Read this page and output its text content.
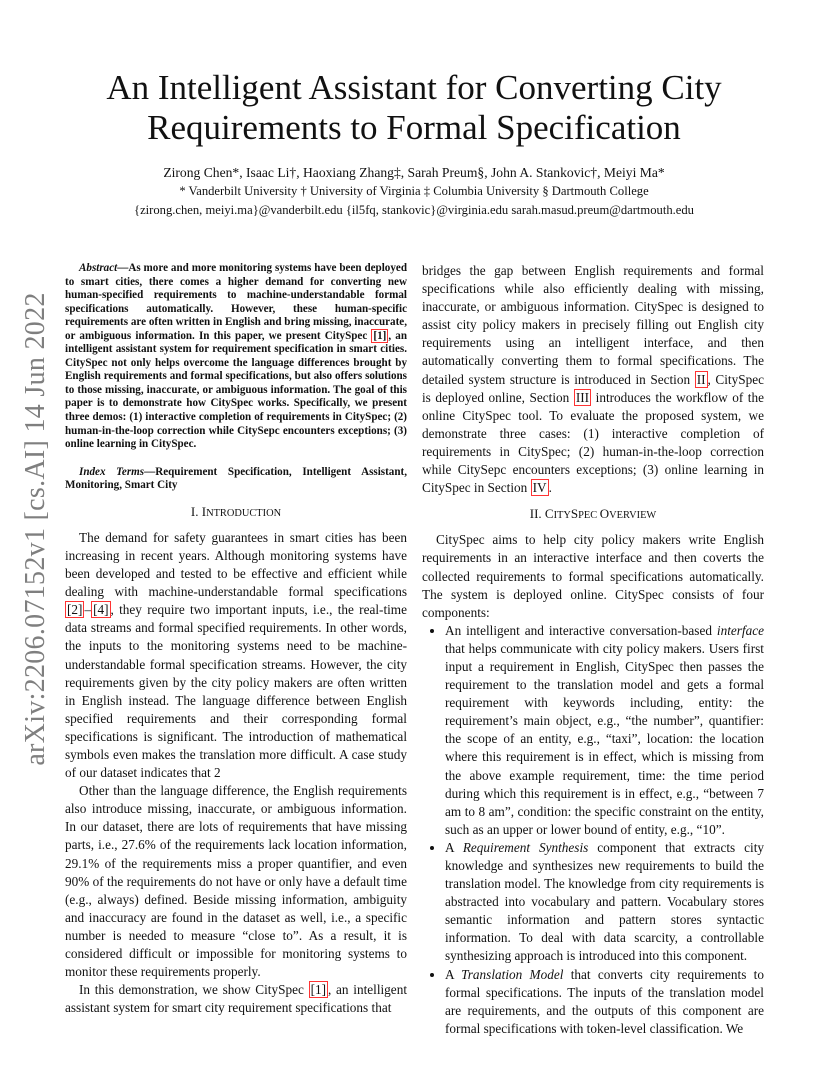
arXiv:2206.07152v1 [cs.AI] 14 Jun 2022
An Intelligent Assistant for Converting City
Requirements to Formal Specification
Zirong Chen*, Isaac Li†, Haoxiang Zhang‡, Sarah Preum§, John A. Stankovic†, Meiyi Ma*
* Vanderbilt University † University of Virginia ‡ Columbia University § Dartmouth College
{zirong.chen, meiyi.ma}@vanderbilt.edu {il5fq, stankovic}@virginia.edu sarah.masud.preum@dartmouth.edu

Abstract—As more and more monitoring systems have been deployed to smart cities, there comes a higher demand for converting new human-specified requirements to machine-understandable formal specifications automatically. However, these human-specific requirements are often written in English and bring missing, inaccurate, or ambiguous information. In this paper, we present CitySpec [1] , an intelligent assistant system for requirement specification in smart cities. CitySpec not only helps overcome the language differences brought by English requirements and formal specifications, but also offers solutions to those missing, inaccurate, or ambiguous information. The goal of this paper is to demonstrate how CitySpec works. Specifically, we present three demos: (1) interactive completion of requirements in CitySpec; (2) human-in-the-loop correction while CitySepc encounters exceptions; (3) online learning in CitySpec.

Index Terms—Requirement Specification, Intelligent Assistant, Monitoring, Smart City

I. INTRODUCTION

The demand for safety guarantees in smart cities has been increasing in recent years. Although monitoring systems have been developed and tested to be effective and efficient while dealing with machine-understandable formal specifications [2] – [4] , they require two important inputs, i.e., the real-time data streams and formal specified requirements. In other words, the inputs to the monitoring systems need to be machine-understandable formal specification streams. However, the city requirements given by the city policy makers are often written in English instead. The language difference between English specified requirements and their corresponding formal specifications is significant. The introduction of mathematical symbols even makes the translation more difficult. A case study of our dataset indicates that 2

Other than the language difference, the English requirements also introduce missing, inaccurate, or ambiguous information. In our dataset, there are lots of requirements that have missing parts, i.e., 27.6% of the requirements lack location information, 29.1% of the requirements miss a proper quantifier, and even 90% of the requirements do not have or only have a default time (e.g., always) defined. Beside missing information, ambiguity and inaccuracy are found in the dataset as well, i.e., a specific number is needed to measure “close to”. As a result, it is considered difficult or impossible for monitoring systems to monitor these requirements properly.

In this demonstration, we show CitySpec [1] , an intelligent assistant system for smart city requirement specifications that

bridges the gap between English requirements and formal specifications while also efficiently dealing with missing, inaccurate, or ambiguous information. CitySpec is designed to assist city policy makers in precisely filling out English city requirements using an intelligent interface, and then automatically converting them to formal specifications. The detailed system structure is introduced in Section II , CitySpec is deployed online, Section III introduces the workflow of the online CitySpec tool. To evaluate the proposed system, we demonstrate three cases: (1) interactive completion of requirements in CitySpec; (2) human-in-the-loop correction while CitySepc encounters exceptions; (3) online learning in CitySpec in Section IV .

II. CITYSPEC OVERVIEW

CitySpec aims to help city policy makers write English requirements in an interactive interface and then coverts the collected requirements to formal specifications automatically. The system is deployed online. CitySpec consists of four components:

• An intelligent and interactive conversation-based interface that helps communicate with city policy makers. Users first input a requirement in English, CitySpec then passes the requirement to the translation model and gets a formal requirement with keywords including, entity: the requirement’s main object, e.g., “the number”, quantifier: the scope of an entity, e.g., “taxi”, location: the location where this requirement is in effect, which is missing from the above example requirement, time: the time period during which this requirement is in effect, e.g., “between 7 am to 8 am”, condition: the specific constraint on the entity, such as an upper or lower bound of entity, e.g., “10”.
• A Requirement Synthesis component that extracts city knowledge and synthesizes new requirements to build the translation model. The knowledge from city requirements is abstracted into vocabulary and pattern. Vocabulary stores semantic information and pattern stores syntactic information. To deal with data scarcity, a controllable synthesizing approach is introduced into this component.
• A Translation Model that converts city requirements to formal specifications. The inputs of the translation model are requirements, and the outputs of this component are formal specifications with token-level classification. We
